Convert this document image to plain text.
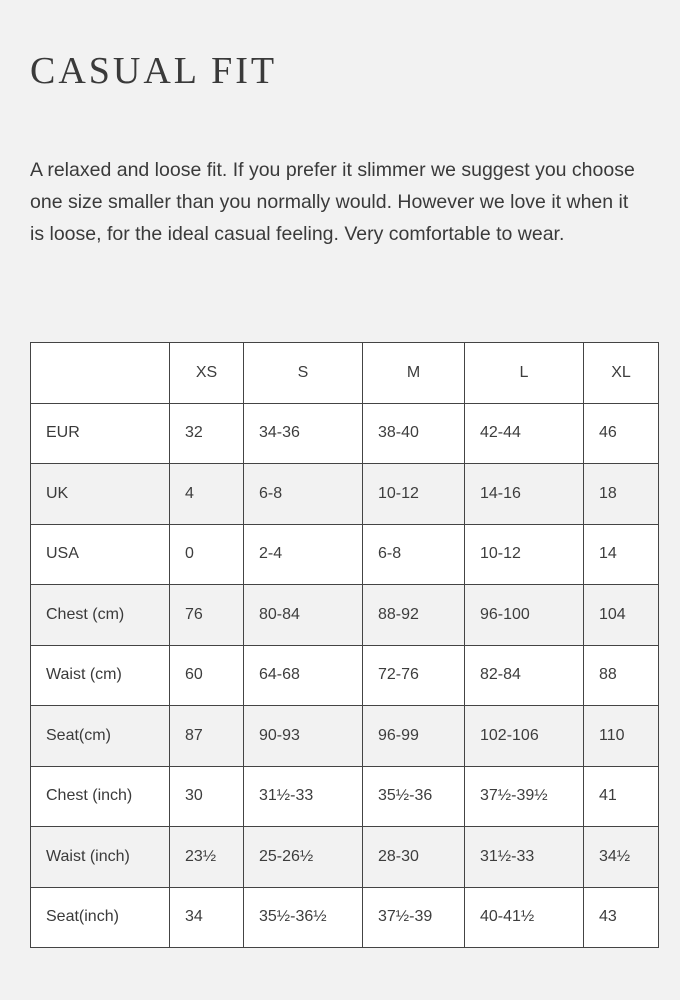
CASUAL FIT

A relaxed and loose fit. If you prefer it slimmer we suggest you choose one size smaller than you normally would. However we love it when it is loose, for the ideal casual feeling. Very comfortable to wear.

	XS	S	M	L	XL
EUR	32	34-36	38-40	42-44	46
UK	4	6-8	10-12	14-16	18
USA	0	2-4	6-8	10-12	14
Chest (cm)	76	80-84	88-92	96-100	104
Waist (cm)	60	64-68	72-76	82-84	88
Seat(cm)	87	90-93	96-99	102-106	110
Chest (inch)	30	31½-33	35½-36	37½-39½	41
Waist (inch)	23½	25-26½	28-30	31½-33	34½
Seat(inch)	34	35½-36½	37½-39	40-41½	43
